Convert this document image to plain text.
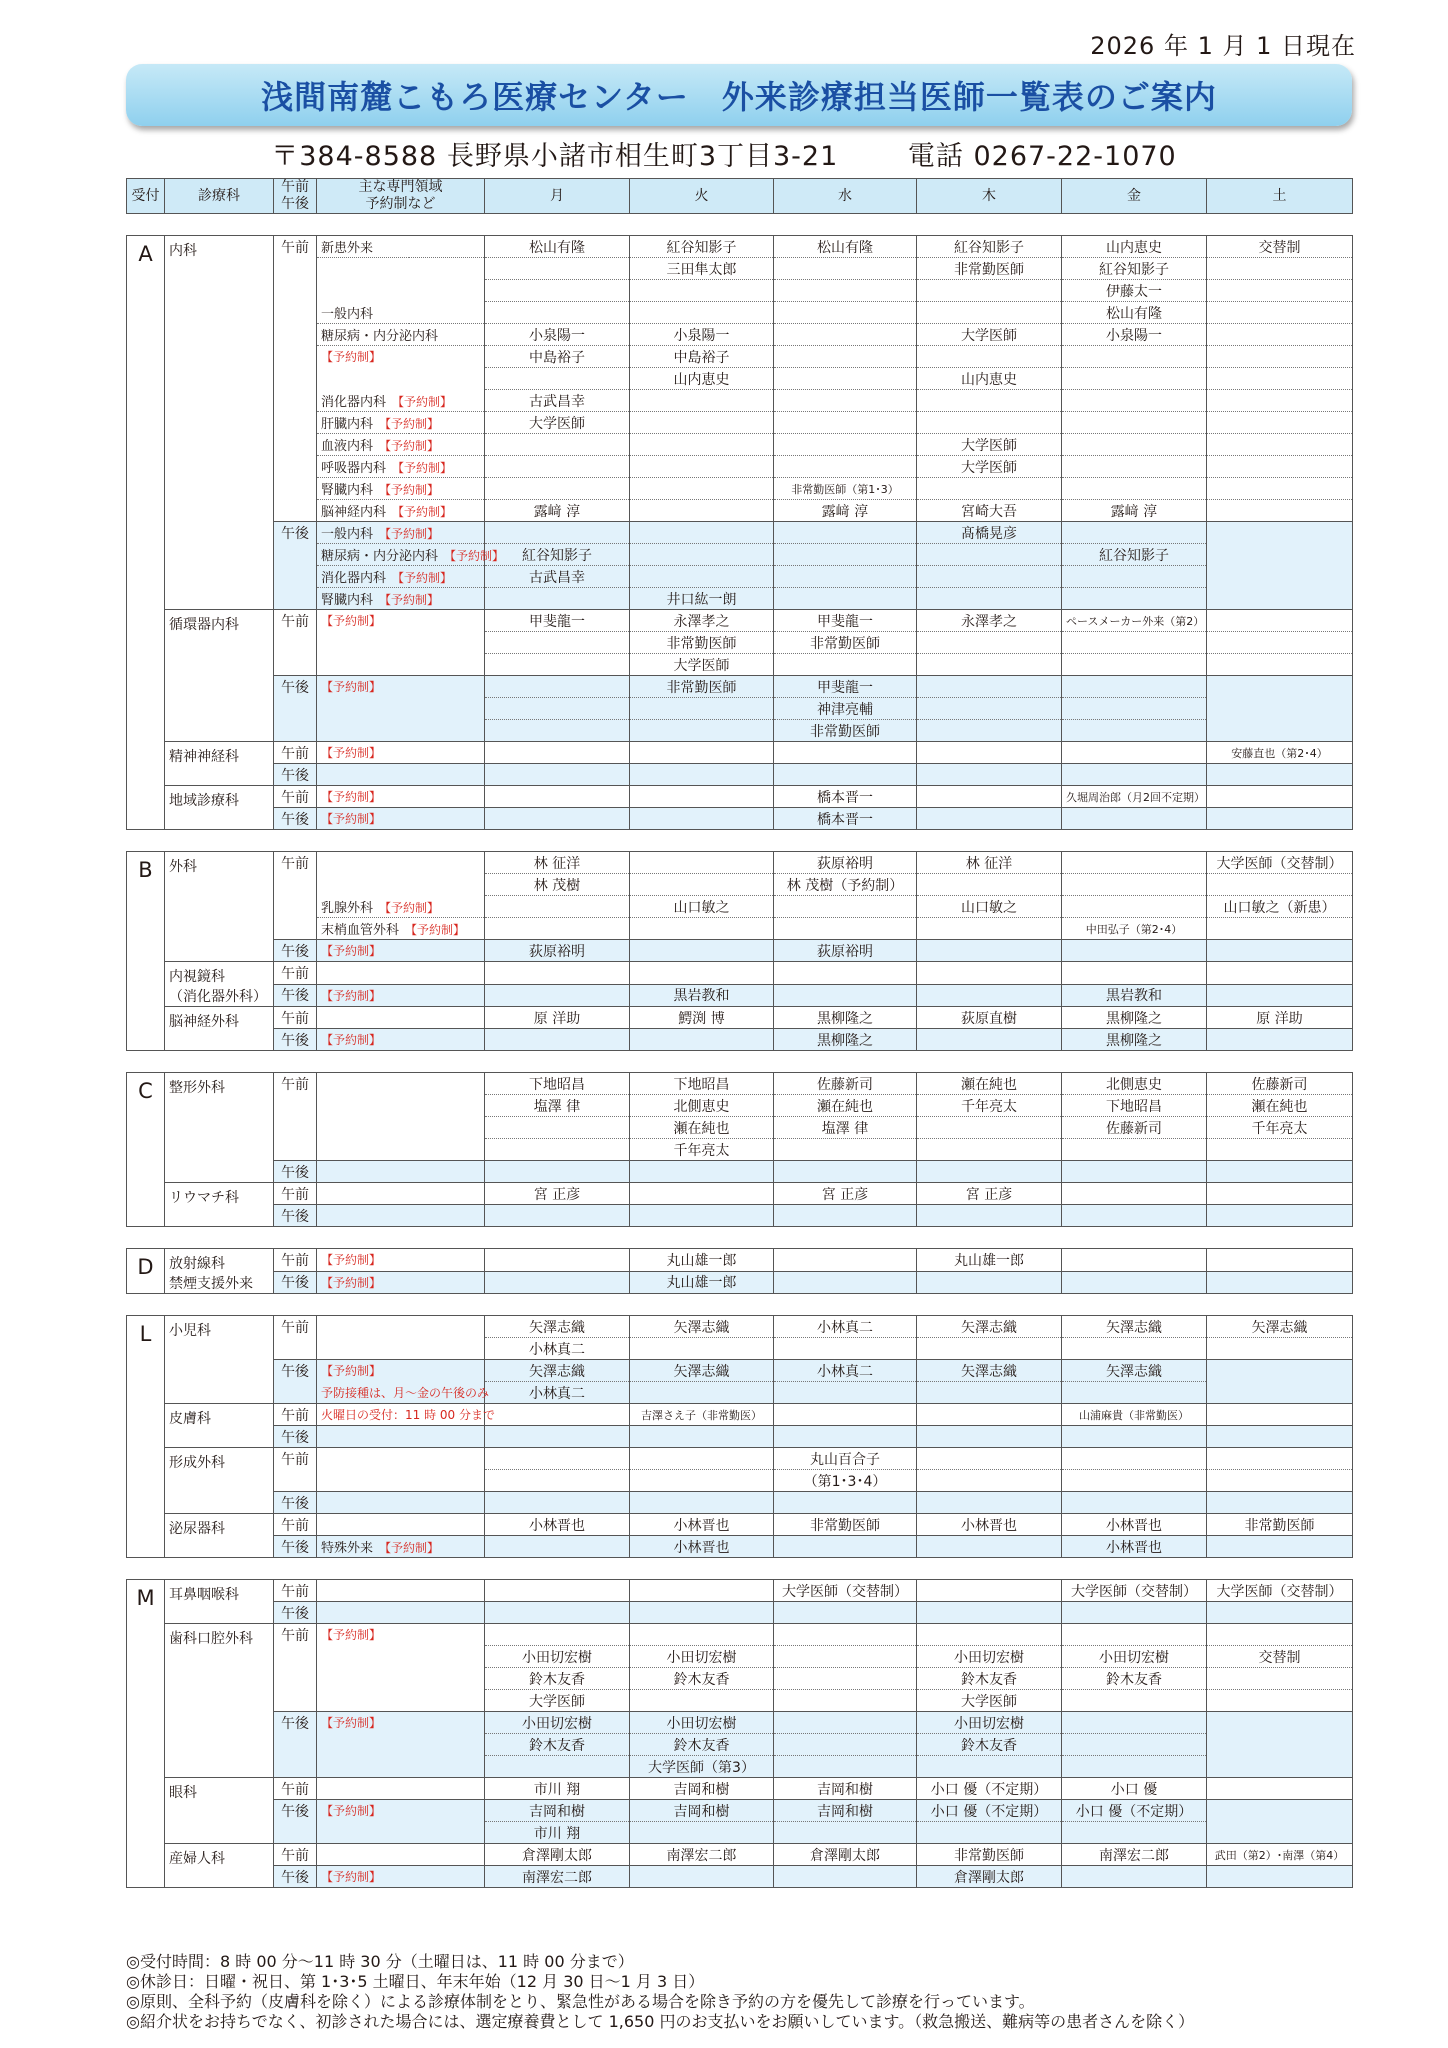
2026 年 1 月 1 日現在
浅間南麓こもろ医療センター　外来診療担当医師一覧表のご案内
〒384-8588 長野県小諸市相生町3丁目3-21	電話 0267-22-1070
受付	診療科	午前
午後	主な専門領域
予約制など	月	火	水	木	金	土

A	内科	午前	新患外来	松山有隆	紅谷知影子	松山有隆	紅谷知影子	山内恵史	交替制
					三田隼太郎		非常勤医師	紅谷知影子	
								伊藤太一	
			一般内科					松山有隆	
			糖尿病・内分泌内科	小泉陽一	小泉陽一		大学医師	小泉陽一	
			【予約制】	中島裕子	中島裕子				
					山内恵史		山内恵史		
			消化器内科 【予約制】	古武昌幸					
			肝臓内科 【予約制】	大学医師					
			血液内科 【予約制】				大学医師		
			呼吸器内科 【予約制】				大学医師		
			腎臓内科 【予約制】			非常勤医師（第1･3）			
			脳神経内科 【予約制】	露﨑 淳		露﨑 淳	宮崎大吾	露﨑 淳	
		午後	一般内科 【予約制】				髙橋晃彦		
			糖尿病・内分泌内科 【予約制】	紅谷知影子				紅谷知影子	
			消化器内科 【予約制】	古武昌幸					
			腎臓内科 【予約制】		井口紘一朗				
	循環器内科	午前	【予約制】	甲斐龍一	永澤孝之	甲斐龍一	永澤孝之	ペースメーカー外来（第2）	
					非常勤医師	非常勤医師			
					大学医師				
		午後	【予約制】		非常勤医師	甲斐龍一			
						神津亮輔			
						非常勤医師			
	精神神経科	午前	【予約制】						安藤直也（第2･4）
		午後							
	地域診療科	午前	【予約制】			橋本晋一		久堀周治郎（月2回不定期）	
		午後	【予約制】			橋本晋一			

B	外科	午前		林 征洋		荻原裕明	林 征洋		大学医師（交替制）
				林 茂樹		林 茂樹（予約制）			
			乳腺外科 【予約制】		山口敏之		山口敏之		山口敏之（新患）
			末梢血管外科 【予約制】					中田弘子（第2･4）	
		午後	【予約制】	荻原裕明		荻原裕明			
	内視鏡科
（消化器外科）	午前							
		午後	【予約制】		黒岩教和			黒岩教和	
	脳神経外科	午前		原 洋助	鰐渕 博	黒柳隆之	荻原直樹	黒柳隆之	原 洋助
		午後	【予約制】			黒柳隆之		黒柳隆之	

C	整形外科	午前		下地昭昌	下地昭昌	佐藤新司	瀬在純也	北側恵史	佐藤新司
				塩澤 律	北側恵史	瀬在純也	千年亮太	下地昭昌	瀬在純也
					瀬在純也	塩澤 律		佐藤新司	千年亮太
					千年亮太				
		午後							
	リウマチ科	午前		宮 正彦		宮 正彦	宮 正彦		
		午後							

D	放射線科
禁煙支援外来	午前	【予約制】		丸山雄一郎		丸山雄一郎		
		午後	【予約制】		丸山雄一郎				

L	小児科	午前		矢澤志織	矢澤志織	小林真二	矢澤志織	矢澤志織	矢澤志織
				小林真二					
		午後	【予約制】	矢澤志織	矢澤志織	小林真二	矢澤志織	矢澤志織	
			予防接種は、月～金の午後のみ	小林真二					
	皮膚科	午前	火曜日の受付：11 時 00 分まで		吉澤さえ子（非常勤医）			山浦麻貴（非常勤医）	
		午後							
	形成外科	午前				丸山百合子			
						（第1･3･4）			
		午後							
	泌尿器科	午前		小林晋也	小林晋也	非常勤医師	小林晋也	小林晋也	非常勤医師
		午後	特殊外来 【予約制】		小林晋也			小林晋也	

M	耳鼻咽喉科	午前				大学医師（交替制）		大学医師（交替制）	大学医師（交替制）
		午後							
	歯科口腔外科	午前	【予約制】						
				小田切宏樹	小田切宏樹		小田切宏樹	小田切宏樹	交替制
				鈴木友香	鈴木友香		鈴木友香	鈴木友香	
				大学医師			大学医師		
		午後	【予約制】	小田切宏樹	小田切宏樹		小田切宏樹		
				鈴木友香	鈴木友香		鈴木友香		
					大学医師（第3）				
	眼科	午前		市川 翔	吉岡和樹	吉岡和樹	小口 優（不定期）	小口 優	
		午後	【予約制】	吉岡和樹	吉岡和樹	吉岡和樹	小口 優（不定期）	小口 優（不定期）	
				市川 翔					
	産婦人科	午前		倉澤剛太郎	南澤宏二郎	倉澤剛太郎	非常勤医師	南澤宏二郎	武田（第2）･南澤（第4）
		午後	【予約制】	南澤宏二郎			倉澤剛太郎		
◎受付時間：8 時 00 分～11 時 30 分（土曜日は、11 時 00 分まで）
◎休診日：日曜・祝日、第 1･3･5 土曜日、年末年始（12 月 30 日～1 月 3 日）
◎原則、全科予約（皮膚科を除く）による診療体制をとり、緊急性がある場合を除き予約の方を優先して診療を行っています。
◎紹介状をお持ちでなく、初診された場合には、選定療養費として 1,650 円のお支払いをお願いしています。（救急搬送、難病等の患者さんを除く）
